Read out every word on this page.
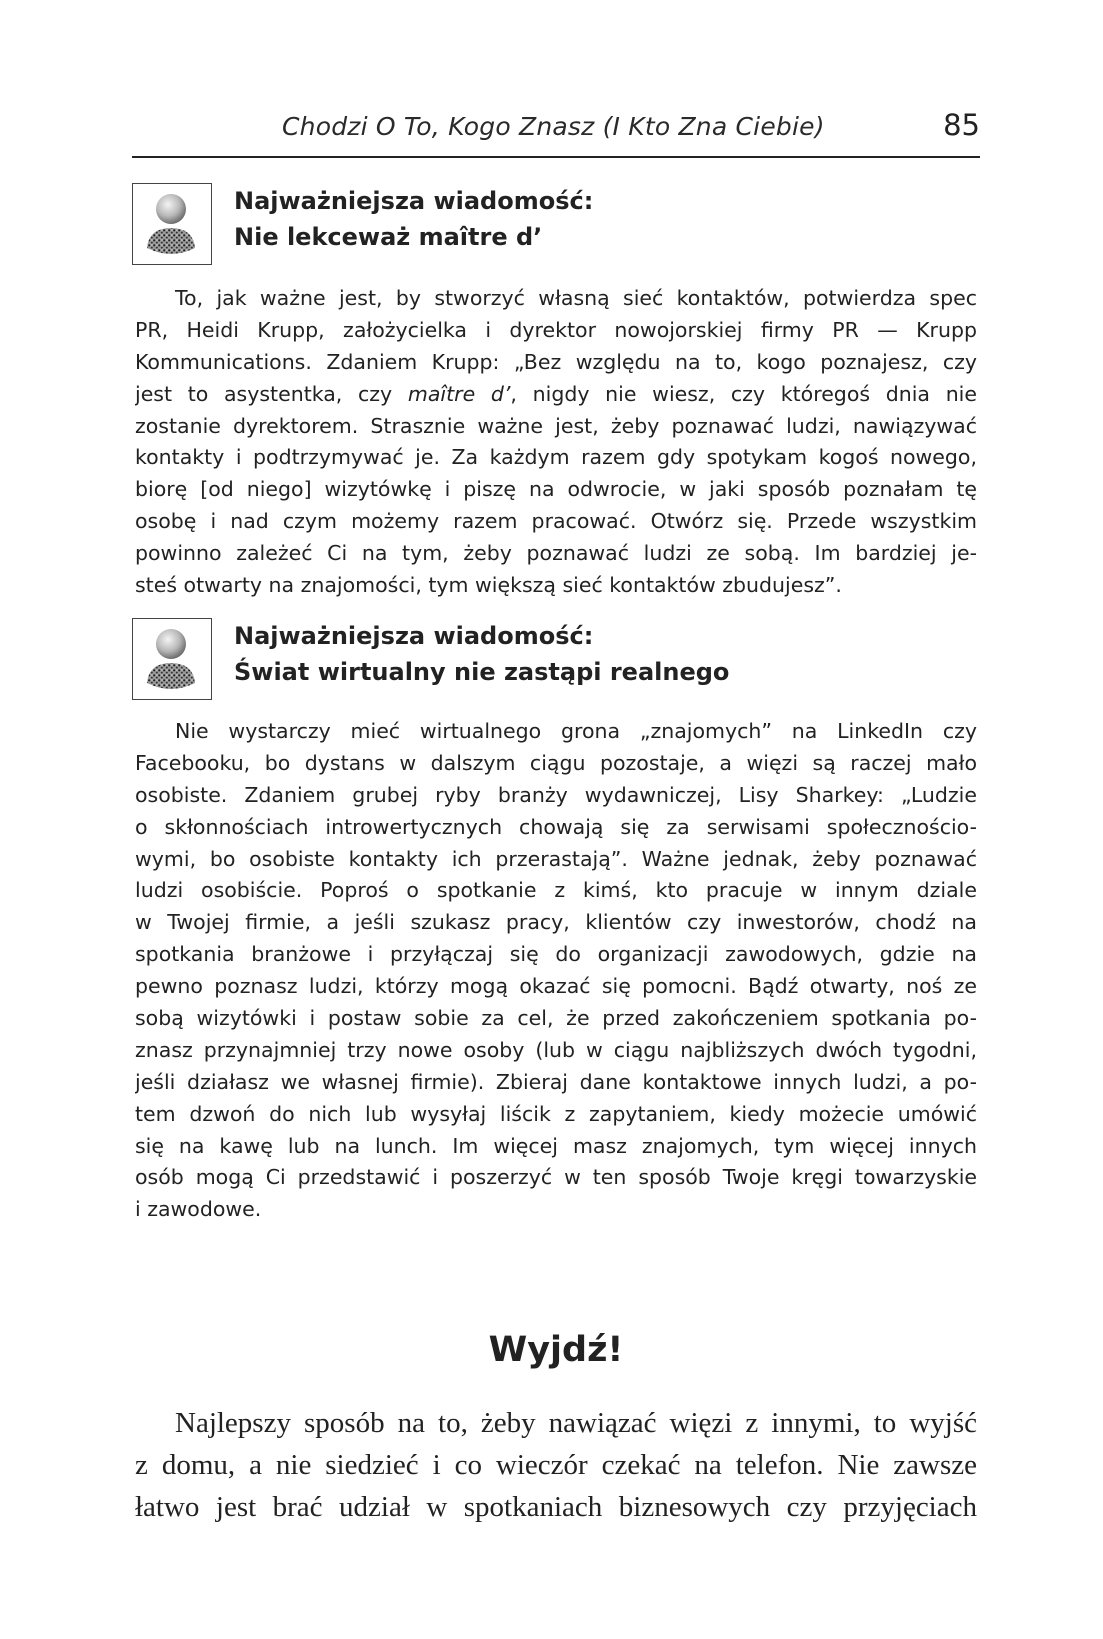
Chodzi O To, Kogo Znasz (I Kto Zna Ciebie)	85
Najważniejsza wiadomość:
Nie lekceważ maître d’
To, jak ważne jest, by stworzyć własną sieć kontaktów, potwierdza spec
PR, Heidi Krupp, założycielka i dyrektor nowojorskiej firmy PR — Krupp
Kommunications. Zdaniem Krupp: „Bez względu na to, kogo poznajesz, czy
jest to asystentka, czy maître d’, nigdy nie wiesz, czy któregoś dnia nie
zostanie dyrektorem. Strasznie ważne jest, żeby poznawać ludzi, nawiązywać
kontakty i podtrzymywać je. Za każdym razem gdy spotykam kogoś nowego,
biorę [od niego] wizytówkę i piszę na odwrocie, w jaki sposób poznałam tę
osobę i nad czym możemy razem pracować. Otwórz się. Przede wszystkim
powinno zależeć Ci na tym, żeby poznawać ludzi ze sobą. Im bardziej je-
steś otwarty na znajomości, tym większą sieć kontaktów zbudujesz”.
Najważniejsza wiadomość:
Świat wirtualny nie zastąpi realnego
Nie wystarczy mieć wirtualnego grona „znajomych” na LinkedIn czy
Facebooku, bo dystans w dalszym ciągu pozostaje, a więzi są raczej mało
osobiste. Zdaniem grubej ryby branży wydawniczej, Lisy Sharkey: „Ludzie
o skłonnościach introwertycznych chowają się za serwisami społecznościo-
wymi, bo osobiste kontakty ich przerastają”. Ważne jednak, żeby poznawać
ludzi osobiście. Poproś o spotkanie z kimś, kto pracuje w innym dziale
w Twojej firmie, a jeśli szukasz pracy, klientów czy inwestorów, chodź na
spotkania branżowe i przyłączaj się do organizacji zawodowych, gdzie na
pewno poznasz ludzi, którzy mogą okazać się pomocni. Bądź otwarty, noś ze
sobą wizytówki i postaw sobie za cel, że przed zakończeniem spotkania po-
znasz przynajmniej trzy nowe osoby (lub w ciągu najbliższych dwóch tygodni,
jeśli działasz we własnej firmie). Zbieraj dane kontaktowe innych ludzi, a po-
tem dzwoń do nich lub wysyłaj liścik z zapytaniem, kiedy możecie umówić
się na kawę lub na lunch. Im więcej masz znajomych, tym więcej innych
osób mogą Ci przedstawić i poszerzyć w ten sposób Twoje kręgi towarzyskie
i zawodowe.
Wyjdź!
Najlepszy sposób na to, żeby nawiązać więzi z innymi, to wyjść
z domu, a nie siedzieć i co wieczór czekać na telefon. Nie zawsze
łatwo jest brać udział w spotkaniach biznesowych czy przyjęciach
